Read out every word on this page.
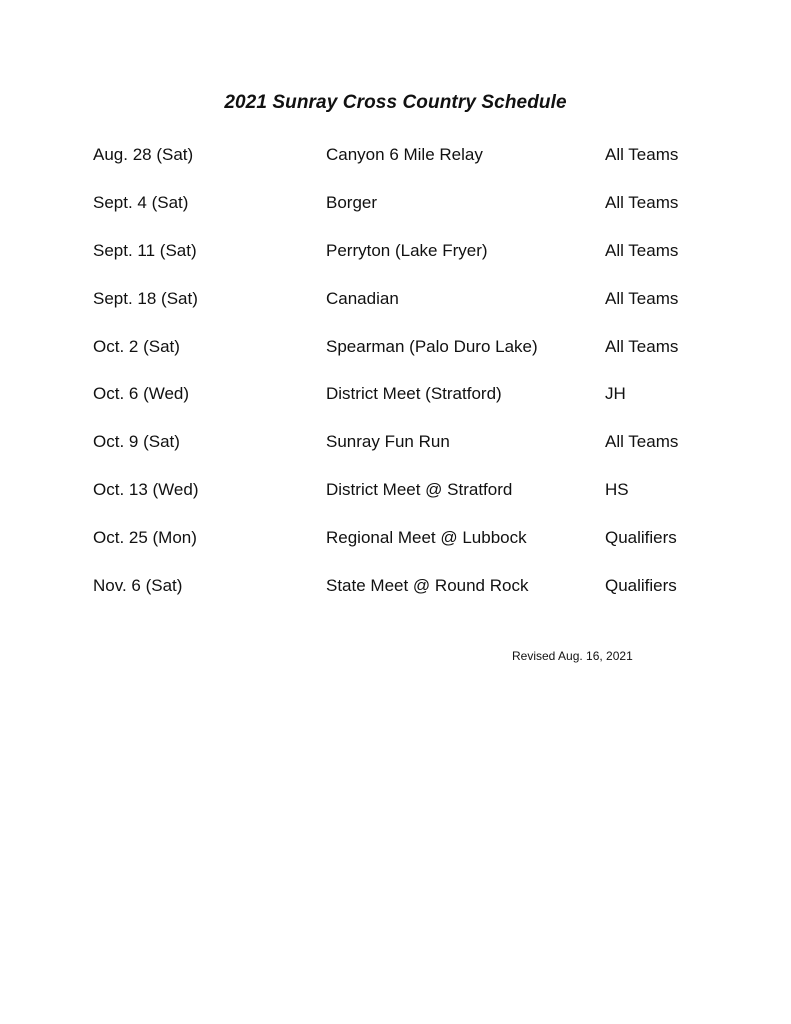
2021 Sunray Cross Country Schedule
Aug. 28 (Sat)	Canyon 6 Mile Relay	All Teams
Sept. 4 (Sat)	Borger	All Teams
Sept. 11 (Sat)	Perryton (Lake Fryer)	All Teams
Sept. 18 (Sat)	Canadian	All Teams
Oct. 2 (Sat)	Spearman (Palo Duro Lake)	All Teams
Oct. 6 (Wed)	District Meet (Stratford)	JH
Oct. 9 (Sat)	Sunray Fun Run	All Teams
Oct. 13 (Wed)	District Meet @ Stratford	HS
Oct. 25 (Mon)	Regional Meet @ Lubbock	Qualifiers
Nov. 6 (Sat)	State Meet @ Round Rock	Qualifiers
Revised Aug. 16, 2021
